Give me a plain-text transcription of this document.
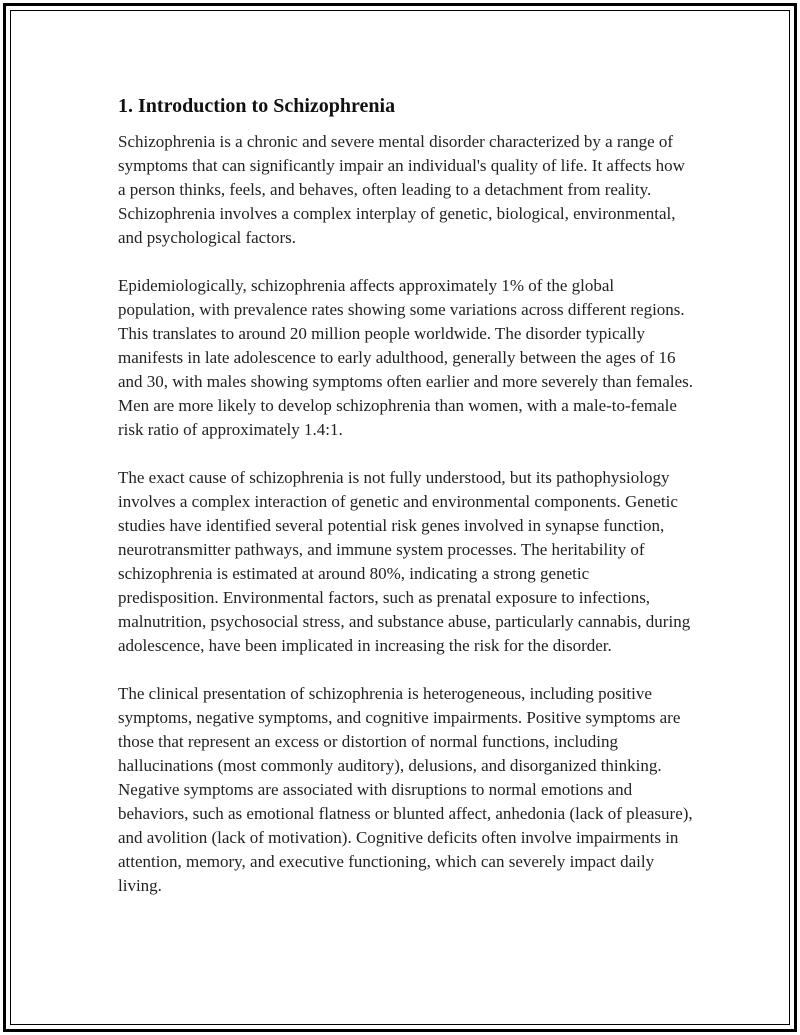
1. Introduction to Schizophrenia

Schizophrenia is a chronic and severe mental disorder characterized by a range of symptoms that can significantly impair an individual's quality of life. It affects how a person thinks, feels, and behaves, often leading to a detachment from reality. Schizophrenia involves a complex interplay of genetic, biological, environmental, and psychological factors.

Epidemiologically, schizophrenia affects approximately 1% of the global population, with prevalence rates showing some variations across different regions. This translates to around 20 million people worldwide. The disorder typically manifests in late adolescence to early adulthood, generally between the ages of 16 and 30, with males showing symptoms often earlier and more severely than females. Men are more likely to develop schizophrenia than women, with a male-to-female risk ratio of approximately 1.4:1.

The exact cause of schizophrenia is not fully understood, but its pathophysiology involves a complex interaction of genetic and environmental components. Genetic studies have identified several potential risk genes involved in synapse function, neurotransmitter pathways, and immune system processes. The heritability of schizophrenia is estimated at around 80%, indicating a strong genetic predisposition. Environmental factors, such as prenatal exposure to infections, malnutrition, psychosocial stress, and substance abuse, particularly cannabis, during adolescence, have been implicated in increasing the risk for the disorder.

The clinical presentation of schizophrenia is heterogeneous, including positive symptoms, negative symptoms, and cognitive impairments. Positive symptoms are those that represent an excess or distortion of normal functions, including hallucinations (most commonly auditory), delusions, and disorganized thinking. Negative symptoms are associated with disruptions to normal emotions and behaviors, such as emotional flatness or blunted affect, anhedonia (lack of pleasure), and avolition (lack of motivation). Cognitive deficits often involve impairments in attention, memory, and executive functioning, which can severely impact daily living.
